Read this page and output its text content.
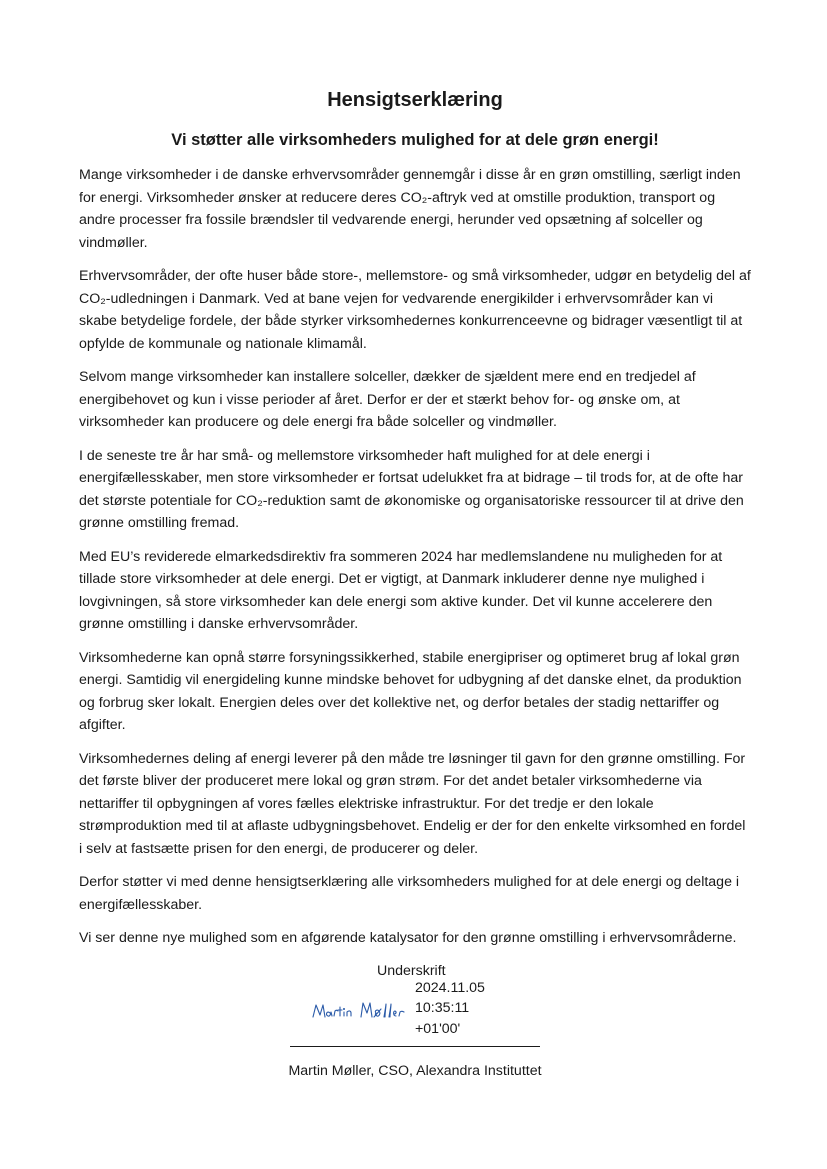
Hensigtserklæring
Vi støtter alle virksomheders mulighed for at dele grøn energi!

Mange virksomheder i de danske erhvervsområder gennemgår i disse år en grøn omstilling, særligt inden for energi. Virksomheder ønsker at reducere deres CO₂-aftryk ved at omstille produktion, transport og andre processer fra fossile brændsler til vedvarende energi, herunder ved opsætning af solceller og vindmøller.

Erhvervsområder, der ofte huser både store-, mellemstore- og små virksomheder, udgør en betydelig del af CO₂-udledningen i Danmark. Ved at bane vejen for vedvarende energikilder i erhvervsområder kan vi skabe betydelige fordele, der både styrker virksomhedernes konkurrenceevne og bidrager væsentligt til at opfylde de kommunale og nationale klimamål.

Selvom mange virksomheder kan installere solceller, dækker de sjældent mere end en tredjedel af energibehovet og kun i visse perioder af året. Derfor er der et stærkt behov for- og ønske om, at virksomheder kan producere og dele energi fra både solceller og vindmøller.

I de seneste tre år har små- og mellemstore virksomheder haft mulighed for at dele energi i energifællesskaber, men store virksomheder er fortsat udelukket fra at bidrage – til trods for, at de ofte har det største potentiale for CO₂-reduktion samt de økonomiske og organisatoriske ressourcer til at drive den grønne omstilling fremad.

Med EU’s reviderede elmarkedsdirektiv fra sommeren 2024 har medlemslandene nu muligheden for at tillade store virksomheder at dele energi. Det er vigtigt, at Danmark inkluderer denne nye mulighed i lovgivningen, så store virksomheder kan dele energi som aktive kunder. Det vil kunne accelerere den grønne omstilling i danske erhvervsområder.

Virksomhederne kan opnå større forsyningssikkerhed, stabile energipriser og optimeret brug af lokal grøn energi. Samtidig vil energideling kunne mindske behovet for udbygning af det danske elnet, da produktion og forbrug sker lokalt. Energien deles over det kollektive net, og derfor betales der stadig nettariffer og afgifter.

Virksomhedernes deling af energi leverer på den måde tre løsninger til gavn for den grønne omstilling. For det første bliver der produceret mere lokal og grøn strøm. For det andet betaler virksomhederne via nettariffer til opbygningen af vores fælles elektriske infrastruktur. For det tredje er den lokale strømproduktion med til at aflaste udbygningsbehovet. Endelig er der for den enkelte virksomhed en fordel i selv at fastsætte prisen for den energi, de producerer og deler.

Derfor støtter vi med denne hensigtserklæring alle virksomheders mulighed for at dele energi og deltage i energifællesskaber.

Vi ser denne nye mulighed som en afgørende katalysator for den grønne omstilling i erhvervsområderne.

Underskrift
2024.11.05
10:35:11
+01'00'
Martin Møller, CSO, Alexandra Instituttet
